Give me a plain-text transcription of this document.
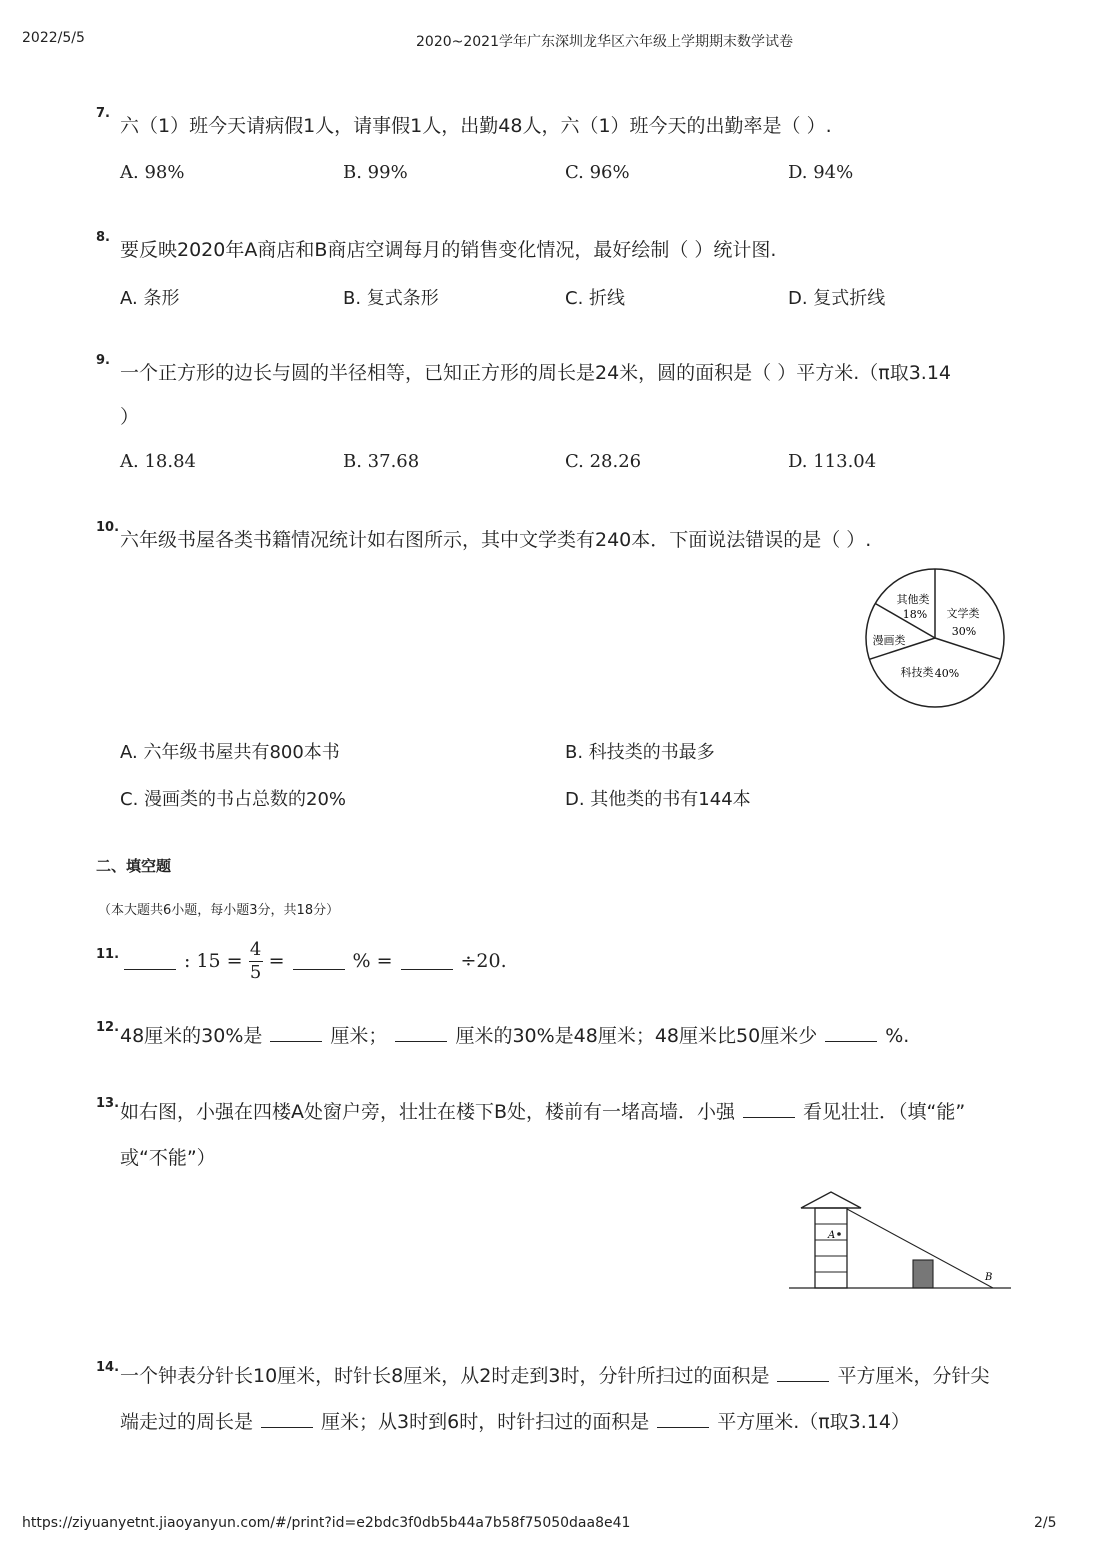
2022/5/5	2020~2021学年广东深圳龙华区六年级上学期期末数学试卷
7.
六（1）班今天请病假1人，请事假1人，出勤48人，六（1）班今天的出勤率是（ ）.
A. 98%	B. 99%	C. 96%	D. 94%
8.
要反映2020年A商店和B商店空调每月的销售变化情况，最好绘制（ ）统计图.
A. 条形	B. 复式条形	C. 折线	D. 复式折线
9.
一个正方形的边长与圆的半径相等，已知正方形的周长是24米，圆的面积是（ ）平方米.（π取3.14
）
A. 18.84	B. 37.68	C. 28.26	D. 113.04
10.
六年级书屋各类书籍情况统计如右图所示，其中文学类有240本．下面说法错误的是（ ）.
A. 六年级书屋共有800本书	B. 科技类的书最多
C. 漫画类的书占总数的20%	D. 其他类的书有144本
其他类
18% 文学类
30%
漫画类
科技类 40%
二、填空题
（本大题共6小题，每小题3分，共18分）
11.	: $15 = \frac{4}{5}$ =	% =	÷20.
12. 48厘米的30%是	厘米；	厘米的30%是48厘米；48厘米比50厘米少	%.
13. 如右图，小强在四楼A处窗户旁，壮壮在楼下B处，楼前有一堵高墙．小强	看见壮壮．（填“能”
或“不能”）
A
B
14. 一个钟表分针长10厘米，时针长8厘米，从2时走到3时，分针所扫过的面积是	平方厘米，分针尖
端走过的周长是	厘米；从3时到6时，时针扫过的面积是	平方厘米.（π取3.14）
https://ziyuanyetnt.jiaoyanyun.com/#/print?id=e2bdc3f0db5b44a7b58f75050daa8e41	2/5
